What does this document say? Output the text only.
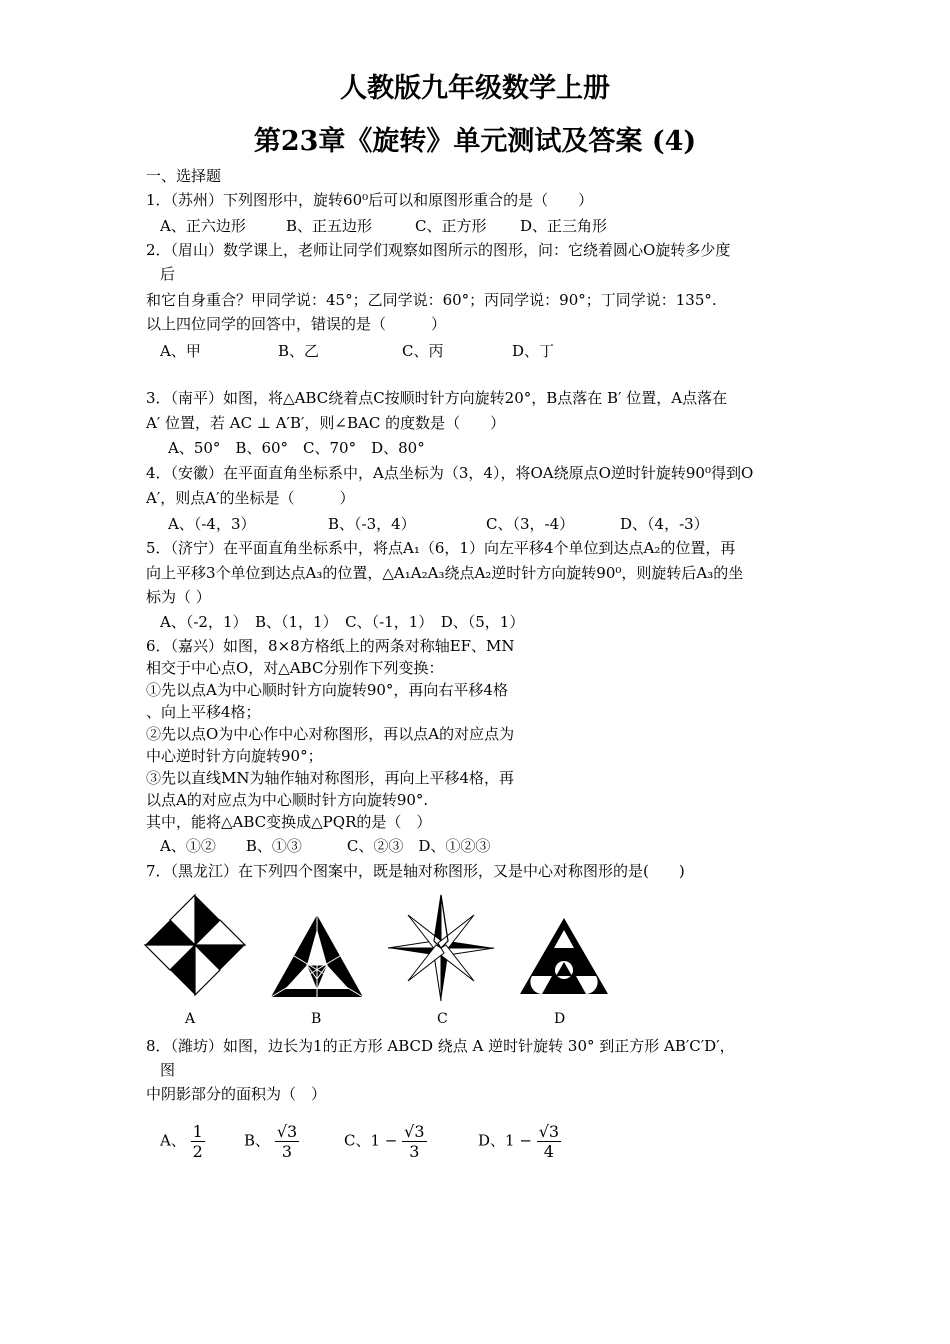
人教版九年级数学上册
第23章《旋转》单元测试及答案 (4)
一、选择题
1．（苏州）下列图形中，旋转60⁰后可以和原图形重合的是（　　）
A、正六边形	B、正五边形	C、正方形 D、正三角形
2．（眉山）数学课上，老师让同学们观察如图所示的图形，问：它绕着圆心O旋转多少度
后
和它自身重合？甲同学说：45°；乙同学说：60°；丙同学说：90°；丁同学说：135°.
以上四位同学的回答中，错误的是（　　　）
A、甲	B、乙	C、丙	D、丁
3．（南平）如图，将△ABC绕着点C按顺时针方向旋转20°，B点落在 B′ 位置，A点落在
A′ 位置，若 AC ⊥ A′B′，则∠BAC 的度数是（　　）
A、50°　B、60°　C、70°　D、80°
4．（安徽）在平面直角坐标系中，A点坐标为（3，4），将OA绕原点O逆时针旋转90⁰得到O
A′，则点A′的坐标是（　　　）
A、（-4，3）	B、（-3，4）	C、（3，-4）	D、（4，-3）
5．（济宁）在平面直角坐标系中，将点A₁（6，1）向左平移4个单位到达点A₂的位置，再
向上平移3个单位到达点A₃的位置，△A₁A₂A₃绕点A₂逆时针方向旋转90⁰，则旋转后A₃的坐
标为（ ）
A、（-2，1）　B、（1，1）　C、（-1，1）　D、（5，1）
6．（嘉兴）如图，8×8方格纸上的两条对称轴EF、MN
相交于中心点O，对△ABC分别作下列变换：
①先以点A为中心顺时针方向旋转90°，再向右平移4格
、向上平移4格；
②先以点O为中心作中心对称图形，再以点A的对应点为
中心逆时针方向旋转90°；
③先以直线MN为轴作轴对称图形，再向上平移4格，再
以点A的对应点为中心顺时针方向旋转90°.
其中，能将△ABC变换成△PQR的是（　）
A、①②　　B、①③　　　C、②③　D、①②③
7．（黑龙江）在下列四个图案中，既是轴对称图形，又是中心对称图形的是(　　)
A	B	C	D
8．（潍坊）如图，边长为1的正方形 ABCD 绕点 A 逆时针旋转 30° 到正方形 AB′C′D′，
图
中阴影部分的面积为（　）
A、 $\frac{1}{2}$	B、 $\frac{√3}{3}$	C、$1 - \frac{√3}{3}$	D、$1 - \frac{√3}{4}$
